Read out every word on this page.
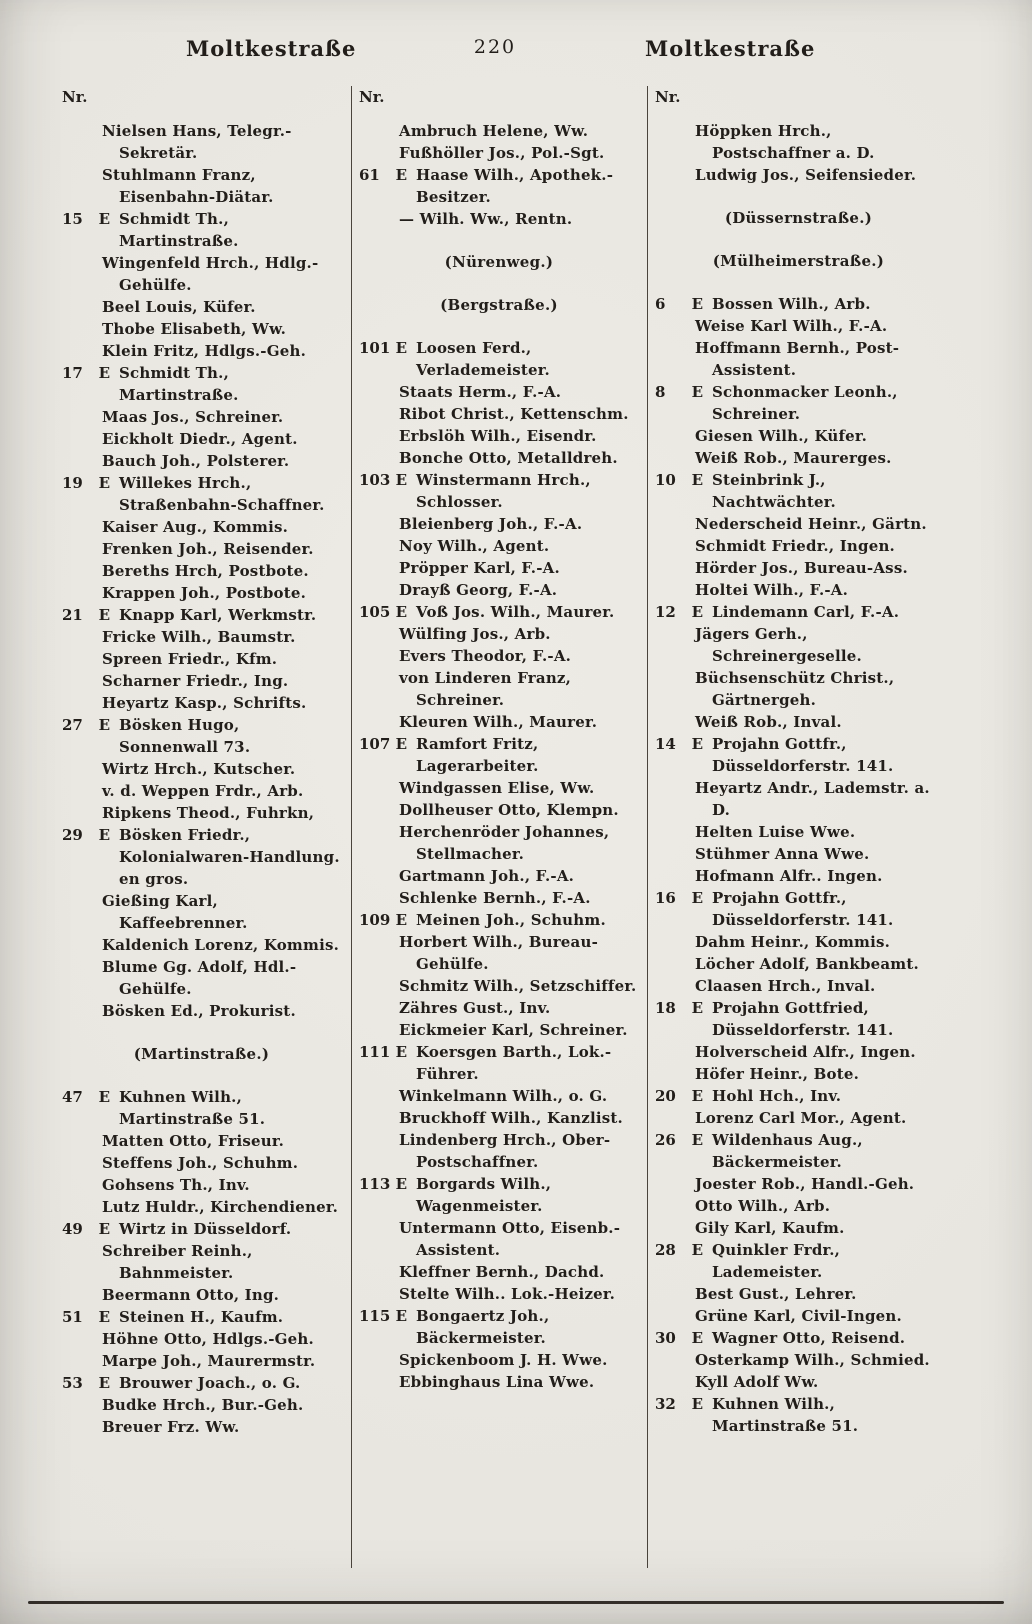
Moltkestraße	220	Moltkestraße
Nr.
Nielsen Hans, Telegr.-Sekretär.
Stuhlmann Franz, Eisenbahn-Diätar.
15 E Schmidt Th., Martinstraße.
Wingenfeld Hrch., Hdlg.-Gehülfe.
Beel Louis, Küfer.
Thobe Elisabeth, Ww.
Klein Fritz, Hdlgs.-Geh.
17 E Schmidt Th., Martinstraße.
Maas Jos., Schreiner.
Eickholt Diedr., Agent.
Bauch Joh., Polsterer.
19 E Willekes Hrch., Straßenbahn-Schaffner.
Kaiser Aug., Kommis.
Frenken Joh., Reisender.
Bereths Hrch, Postbote.
Krappen Joh., Postbote.
21 E Knapp Karl, Werkmstr.
Fricke Wilh., Baumstr.
Spreen Friedr., Kfm.
Scharner Friedr., Ing.
Heyartz Kasp., Schrifts.
27 E Bösken Hugo, Sonnenwall 73.
Wirtz Hrch., Kutscher.
v. d. Weppen Frdr., Arb.
Ripkens Theod., Fuhrkn,
29 E Bösken Friedr., Kolonialwaren-Handlung. en gros.
Gießing Karl, Kaffeebrenner.
Kaldenich Lorenz, Kommis.
Blume Gg. Adolf, Hdl.-Gehülfe.
Bösken Ed., Prokurist.
(Martinstraße.)
47 E Kuhnen Wilh., Martinstraße 51.
Matten Otto, Friseur.
Steffens Joh., Schuhm.
Gohsens Th., Inv.
Lutz Huldr., Kirchendiener.
49 E Wirtz in Düsseldorf.
Schreiber Reinh., Bahnmeister.
Beermann Otto, Ing.
51 E Steinen H., Kaufm.
Höhne Otto, Hdlgs.-Geh.
Marpe Joh., Maurermstr.
53 E Brouwer Joach., o. G.
Budke Hrch., Bur.-Geh.
Breuer Frz. Ww.
Nr.
Ambruch Helene, Ww.
Fußhöller Jos., Pol.-Sgt.
61 E Haase Wilh., Apothek.-Besitzer.
— Wilh. Ww., Rentn.
(Nürenweg.)
(Bergstraße.)
101 E Loosen Ferd., Verlademeister.
Staats Herm., F.-A.
Ribot Christ., Kettenschm.
Erbslöh Wilh., Eisendr.
Bonche Otto, Metalldreh.
103 E Winstermann Hrch., Schlosser.
Bleienberg Joh., F.-A.
Noy Wilh., Agent.
Pröpper Karl, F.-A.
Drayß Georg, F.-A.
105 E Voß Jos. Wilh., Maurer.
Wülfing Jos., Arb.
Evers Theodor, F.-A.
von Linderen Franz, Schreiner.
Kleuren Wilh., Maurer.
107 E Ramfort Fritz, Lagerarbeiter.
Windgassen Elise, Ww.
Dollheuser Otto, Klempn.
Herchenröder Johannes, Stellmacher.
Gartmann Joh., F.-A.
Schlenke Bernh., F.-A.
109 E Meinen Joh., Schuhm.
Horbert Wilh., Bureau-Gehülfe.
Schmitz Wilh., Setzschiffer.
Zähres Gust., Inv.
Eickmeier Karl, Schreiner.
111 E Koersgen Barth., Lok.-Führer.
Winkelmann Wilh., o. G.
Bruckhoff Wilh., Kanzlist.
Lindenberg Hrch., Ober-Postschaffner.
113 E Borgards Wilh., Wagenmeister.
Untermann Otto, Eisenb.-Assistent.
Kleffner Bernh., Dachd.
Stelte Wilh.. Lok.-Heizer.
115 E Bongaertz Joh., Bäckermeister.
Spickenboom J. H. Wwe.
Ebbinghaus Lina Wwe.
Nr.
Höppken Hrch., Postschaffner a. D.
Ludwig Jos., Seifensieder.
(Düssernstraße.)
(Mülheimerstraße.)
6 E Bossen Wilh., Arb.
Weise Karl Wilh., F.-A.
Hoffmann Bernh., Post-Assistent.
8 E Schonmacker Leonh., Schreiner.
Giesen Wilh., Küfer.
Weiß Rob., Maurerges.
10 E Steinbrink J., Nachtwächter.
Nederscheid Heinr., Gärtn.
Schmidt Friedr., Ingen.
Hörder Jos., Bureau-Ass.
Holtei Wilh., F.-A.
12 E Lindemann Carl, F.-A.
Jägers Gerh., Schreinergeselle.
Büchsenschütz Christ., Gärtnergeh.
Weiß Rob., Inval.
14 E Projahn Gottfr., Düsseldorferstr. 141.
Heyartz Andr., Lademstr. a. D.
Helten Luise Wwe.
Stühmer Anna Wwe.
Hofmann Alfr.. Ingen.
16 E Projahn Gottfr., Düsseldorferstr. 141.
Dahm Heinr., Kommis.
Löcher Adolf, Bankbeamt.
Claasen Hrch., Inval.
18 E Projahn Gottfried, Düsseldorferstr. 141.
Holverscheid Alfr., Ingen.
Höfer Heinr., Bote.
20 E Hohl Hch., Inv.
Lorenz Carl Mor., Agent.
26 E Wildenhaus Aug., Bäckermeister.
Joester Rob., Handl.-Geh.
Otto Wilh., Arb.
Gily Karl, Kaufm.
28 E Quinkler Frdr., Lademeister.
Best Gust., Lehrer.
Grüne Karl, Civil-Ingen.
30 E Wagner Otto, Reisend.
Osterkamp Wilh., Schmied.
Kyll Adolf Ww.
32 E Kuhnen Wilh., Martinstraße 51.
